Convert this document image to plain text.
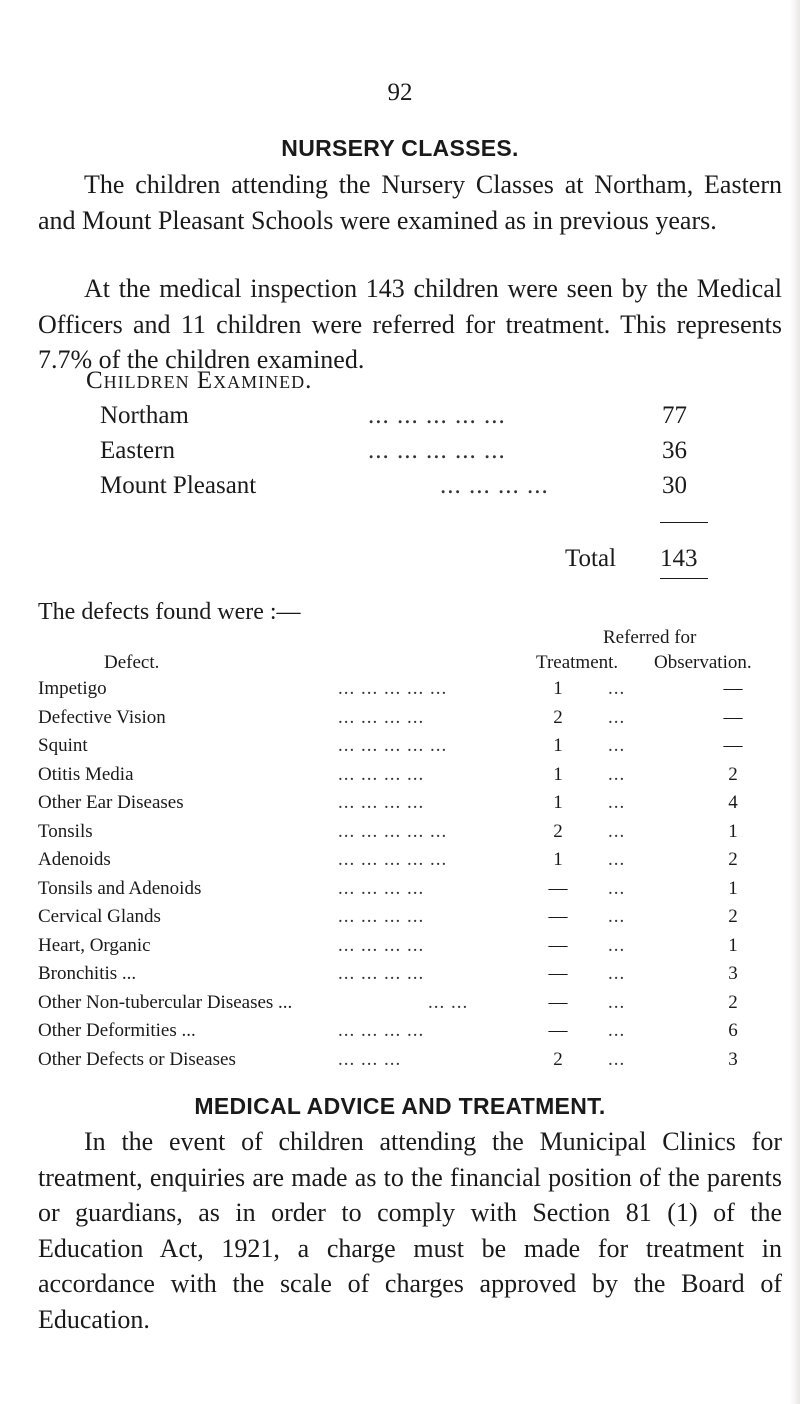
92
NURSERY CLASSES.
The children attending the Nursery Classes at Northam, Eastern and Mount Pleasant Schools were examined as in previous years.
At the medical inspection 143 children were seen by the Medical Officers and 11 children were referred for treatment. This represents 7.7% of the children examined.
Children Examined.
Northam	... ... ... ... ...	77
Eastern	... ... ... ... ...	36
Mount Pleasant	... ... ... ...	30
Total 143
The defects found were :—
Referred for
Defect.	Treatment. Observation.
Impetigo	... ... ... ... ...	1	...	—
Defective Vision	... ... ... ...	2	...	—
Squint	... ... ... ... ...	1	...	—
Otitis Media	... ... ... ...	1	...	2
Other Ear Diseases	... ... ... ...	1	...	4
Tonsils	... ... ... ... ...	2	...	1
Adenoids	... ... ... ... ...	1	...	2
Tonsils and Adenoids	... ... ... ...	— ...	1
Cervical Glands	... ... ... ...	— ...	2
Heart, Organic	... ... ... ...	— ...	1
Bronchitis ...	... ... ... ...	— ...	3
Other Non-tubercular Diseases ...	... ...	— ...	2
Other Deformities ...	... ... ... ...	— ...	6
Other Defects or Diseases	... ... ...	2	...	3
MEDICAL ADVICE AND TREATMENT.
In the event of children attending the Municipal Clinics for treatment, enquiries are made as to the financial position of the parents or guardians, as in order to comply with Section 81 (1) of the Education Act, 1921, a charge must be made for treatment in accordance with the scale of charges approved by the Board of Education.
